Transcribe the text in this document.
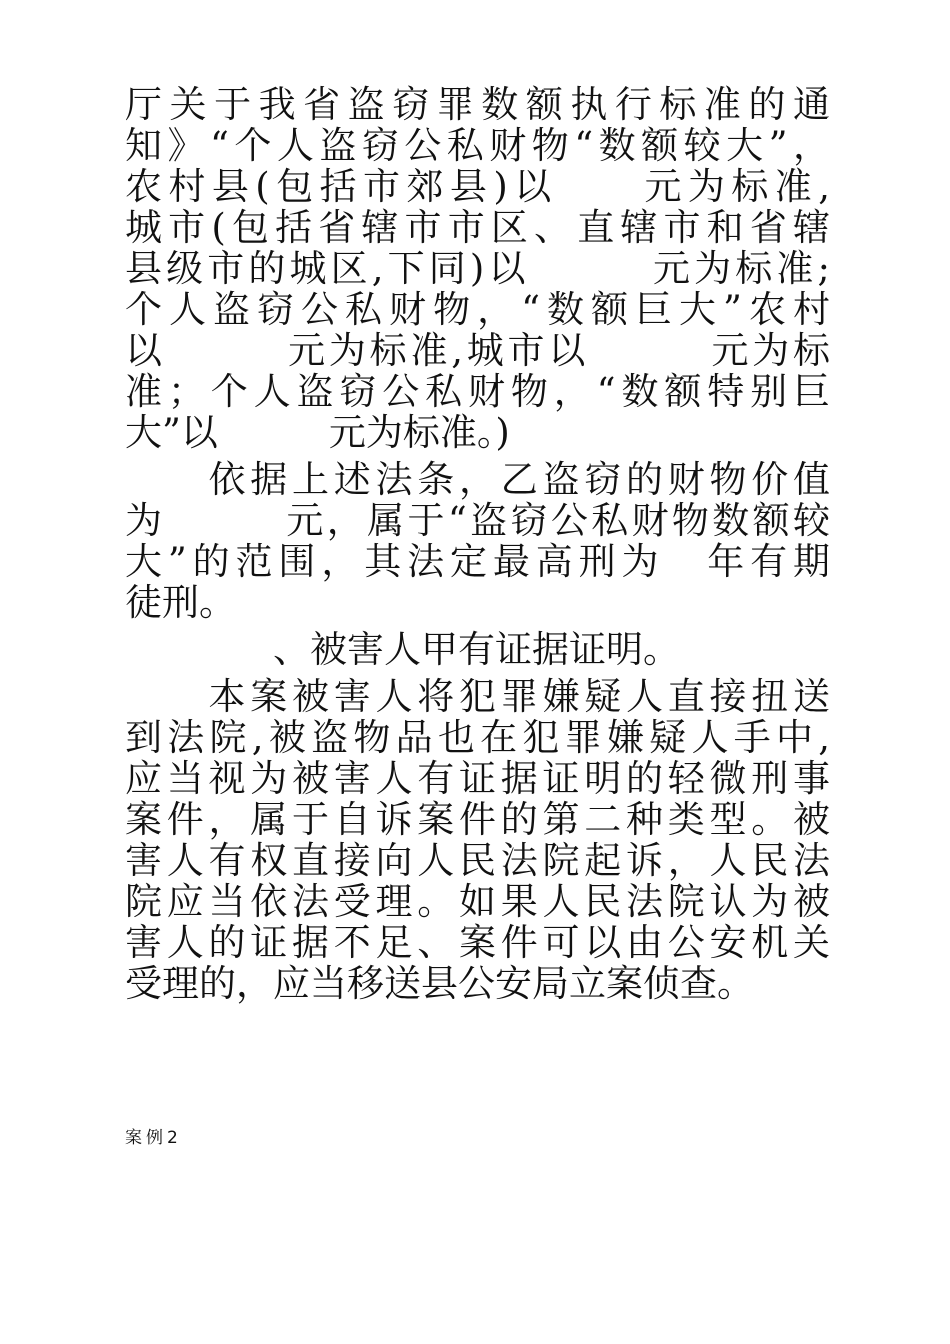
厅关于我省盗窃罪数额执行标准的通
知》“个人盗窃公私财物“数额较大”，
农村县(包括市郊县)以　　元为标准,
城市(包括省辖市市区、直辖市和省辖
县级市的城区,下同)以　　　元为标准;
个人盗窃公私财物，“数额巨大”农村
以　　　元为标准,城市以　　　元为标
准；个人盗窃公私财物，“数额特别巨
大”以　　　元为标准。)
　　依据上述法条，乙盗窃的财物价值
为　　　元，属于“盗窃公私财物数额较
大”的范围，其法定最高刑为　年有期
徒刑。
　　　　、被害人甲有证据证明。
　　本案被害人将犯罪嫌疑人直接扭送
到法院,被盗物品也在犯罪嫌疑人手中,
应当视为被害人有证据证明的轻微刑事
案件，属于自诉案件的第二种类型。被
害人有权直接向人民法院起诉，人民法
院应当依法受理。如果人民法院认为被
害人的证据不足、案件可以由公安机关
受理的，应当移送县公安局立案侦查。
案例2
